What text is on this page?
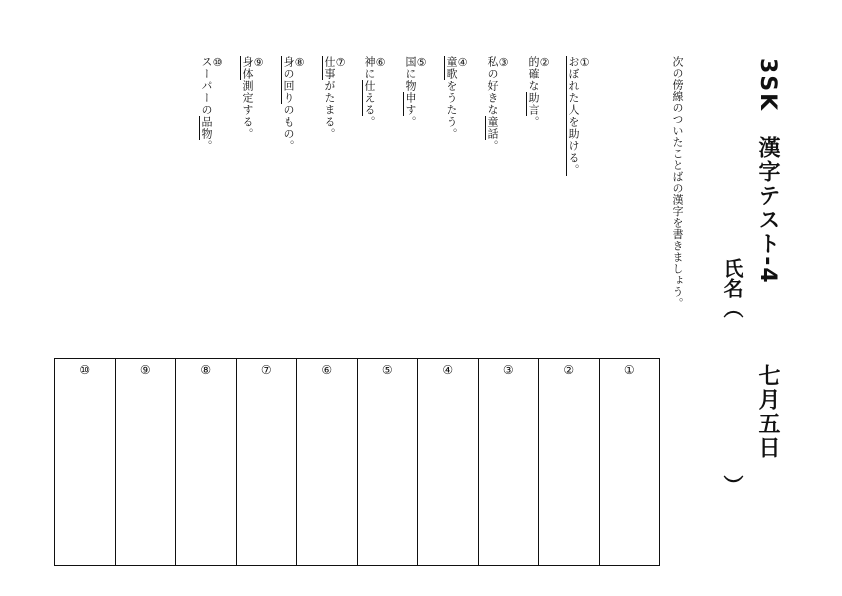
3SK　漢字テスト-4 七月五日
氏名（ ）
次の傍線のついたことばの漢字を書きましょう。
①
おぼれた人を助ける。
②
的確な助言。
③
私の好きな童話。
④
童歌をうたう。
⑤
国に物申す。
⑥
神に仕える。
⑦
仕事がたまる。
⑧
身の回りのもの。
⑨
身体測定する。
⑩
スーパーの品物。
⑩	⑨	⑧	⑦	⑥	⑤	④	③	②	①
